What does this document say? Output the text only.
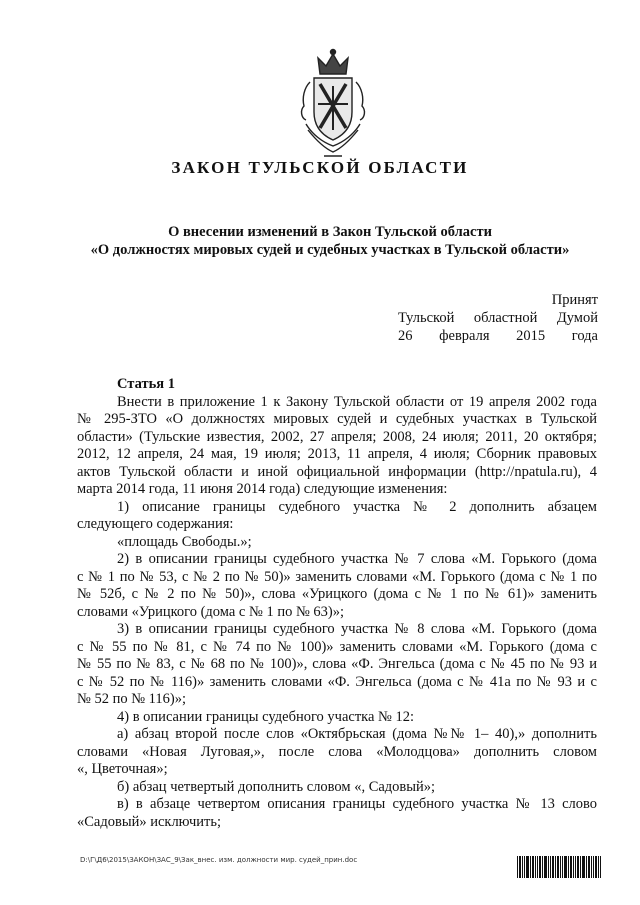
ЗАКОН ТУЛЬСКОЙ ОБЛАСТИ
О внесении изменений в Закон Тульской области
«О должностях мировых судей и судебных участках в Тульской области»
Принят
Тульской областной Думой
26 февраля 2015 года

Статья 1

Внести в приложение 1 к Закону Тульской области от 19 апреля 2002 года

№ 295-ЗТО «О должностях мировых судей и судебных участках в Тульской

области» (Тульские известия, 2002, 27 апреля; 2008, 24 июля; 2011, 20 октября;

2012, 12 апреля, 24 мая, 19 июля; 2013, 11 апреля, 4 июля; Сборник правовых

актов Тульской области и иной официальной информации (http://npatula.ru), 4

марта 2014 года, 11 июня 2014 года) следующие изменения:

1) описание границы судебного участка № 2 дополнить абзацем

следующего содержания:

«площадь Свободы.»;

2) в описании границы судебного участка № 7 слова «М. Горького (дома

с № 1 по № 53, с № 2 по № 50)» заменить словами «М. Горького (дома с № 1 по

№ 52б, с № 2 по № 50)», слова «Урицкого (дома с № 1 по № 61)» заменить

словами «Урицкого (дома с № 1 по № 63)»;

3) в описании границы судебного участка № 8 слова «М. Горького (дома

с № 55 по № 81, с № 74 по № 100)» заменить словами «М. Горького (дома с

№ 55 по № 83, с № 68 по № 100)», слова «Ф. Энгельса (дома с № 45 по № 93 и

с № 52 по № 116)» заменить словами «Ф. Энгельса (дома с № 41а по № 93 и с

№ 52 по № 116)»;

4) в описании границы судебного участка № 12:

а) абзац второй после слов «Октябрьская (дома №№ 1– 40),» дополнить

словами «Новая Луговая,», после слова «Молодцова» дополнить словом

«, Цветочная»;

б) абзац четвертый дополнить словом «, Садовый»;

в) в абзаце четвертом описания границы судебного участка № 13 слово

«Садовый» исключить;

D:\Г\Д6\2015\ЗАКОН\ЗАС_9\Зак_внес. изм. должности мир. судей_прин.doc
